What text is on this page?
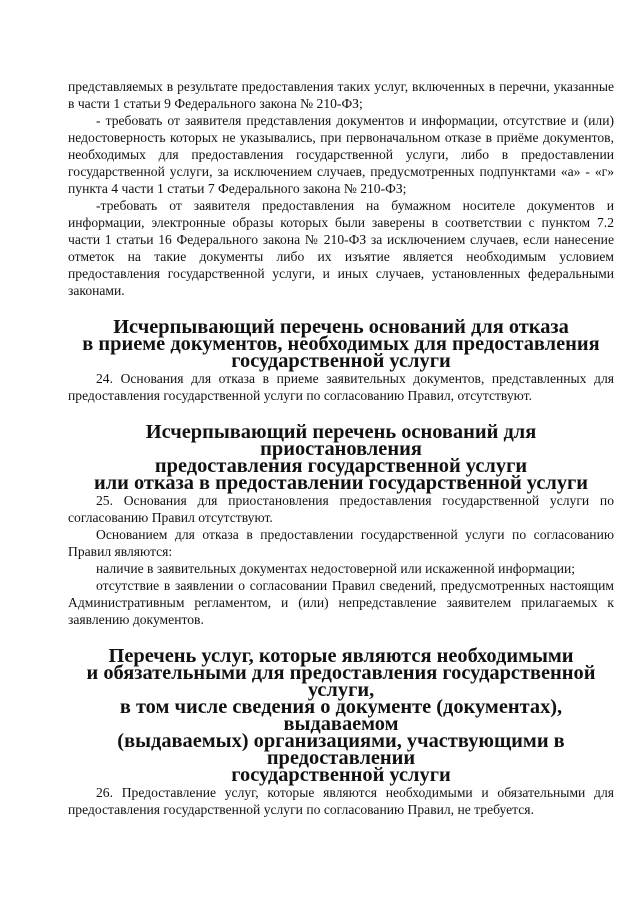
представляемых в результате предоставления таких услуг, включенных в перечни, указанные в части 1 статьи 9 Федерального закона № 210-ФЗ;

- требовать от заявителя представления документов и информации, отсутствие и (или) недостоверность которых не указывались, при первоначальном отказе в приёме документов, необходимых для предоставления государственной услуги, либо в предоставлении государственной услуги, за исключением случаев, предусмотренных подпунктами «а» - «г» пункта 4 части 1 статьи 7 Федерального закона № 210-ФЗ;

-требовать от заявителя предоставления на бумажном носителе документов и информации, электронные образы которых были заверены в соответствии с пунктом 7.2 части 1 статьи 16 Федерального закона № 210-ФЗ за исключением случаев, если нанесение отметок на такие документы либо их изъятие является необходимым условием предоставления государственной услуги, и иных случаев, установленных федеральными законами.

Исчерпывающий перечень оснований для отказа
в приеме документов, необходимых для предоставления
государственной услуги

24. Основания для отказа в приеме заявительных документов, представленных для предоставления государственной услуги по согласованию Правил, отсутствуют.

Исчерпывающий перечень оснований для приостановления
предоставления государственной услуги
или отказа в предоставлении государственной услуги

25. Основания для приостановления предоставления государственной услуги по согласованию Правил отсутствуют.

Основанием для отказа в предоставлении государственной услуги по согласованию Правил являются:

наличие в заявительных документах недостоверной или искаженной информации;

отсутствие в заявлении о согласовании Правил сведений, предусмотренных настоящим Административным регламентом, и (или) непредставление заявителем прилагаемых к заявлению документов.

Перечень услуг, которые являются необходимыми
и обязательными для предоставления государственной услуги,
в том числе сведения о документе (документах), выдаваемом
(выдаваемых) организациями, участвующими в предоставлении
государственной услуги

26. Предоставление услуг, которые являются необходимыми и обязательными для предоставления государственной услуги по согласованию Правил, не требуется.
